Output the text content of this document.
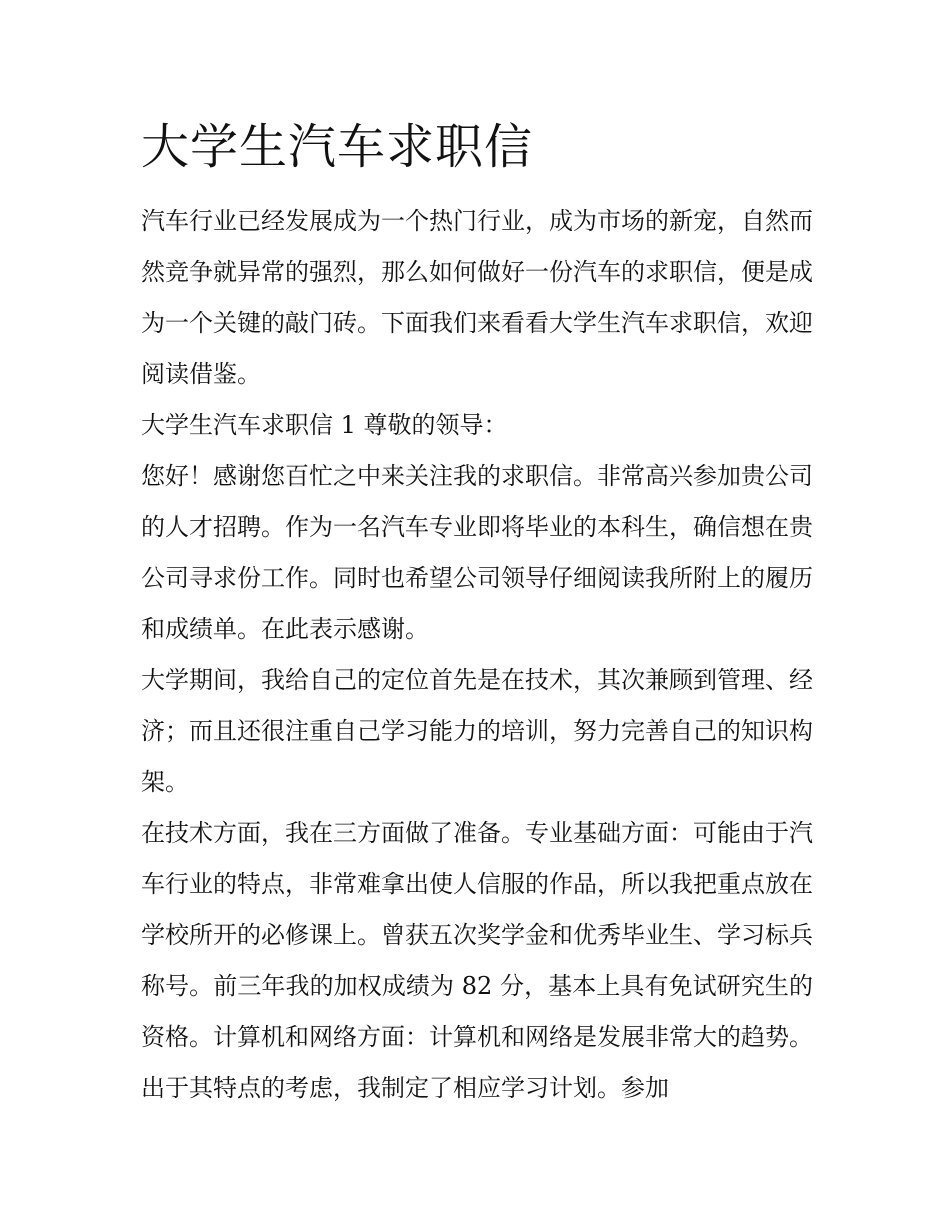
大学生汽车求职信

汽车行业已经发展成为一个热门行业，成为市场的新宠，自然而然竞争就异常的强烈，那么如何做好一份汽车的求职信，便是成为一个关键的敲门砖。下面我们来看看大学生汽车求职信，欢迎阅读借鉴。

大学生汽车求职信 1 尊敬的领导：

您好！感谢您百忙之中来关注我的求职信。非常高兴参加贵公司的人才招聘。作为一名汽车专业即将毕业的本科生，确信想在贵公司寻求份工作。同时也希望公司领导仔细阅读我所附上的履历和成绩单。在此表示感谢。

大学期间，我给自己的定位首先是在技术，其次兼顾到管理、经济；而且还很注重自己学习能力的培训，努力完善自己的知识构架。

在技术方面，我在三方面做了准备。专业基础方面：可能由于汽车行业的特点，非常难拿出使人信服的作品，所以我把重点放在学校所开的必修课上。曾获五次奖学金和优秀毕业生、学习标兵称号。前三年我的加权成绩为 82 分，基本上具有免试研究生的资格。计算机和网络方面：计算机和网络是发展非常大的趋势。出于其特点的考虑，我制定了相应学习计划。参加
